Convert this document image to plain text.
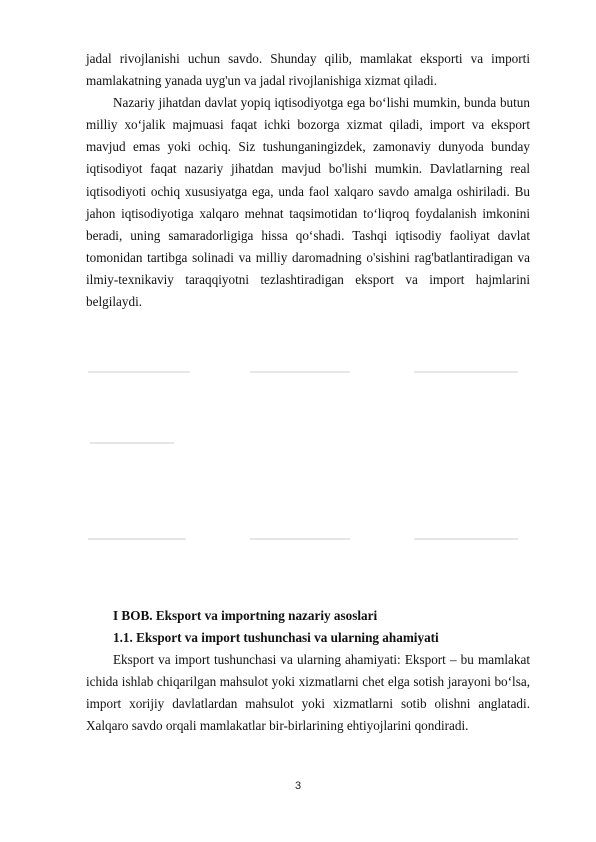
jadal rivojlanishi uchun savdo. Shunday qilib, mamlakat eksporti va importi mamlakatning yanada uyg'un va jadal rivojlanishiga xizmat qiladi.

Nazariy jihatdan davlat yopiq iqtisodiyotga ega bo‘lishi mumkin, bunda butun milliy xo‘jalik majmuasi faqat ichki bozorga xizmat qiladi, import va eksport mavjud emas yoki ochiq. Siz tushunganingizdek, zamonaviy dunyoda bunday iqtisodiyot faqat nazariy jihatdan mavjud bo'lishi mumkin. Davlatlarning real iqtisodiyoti ochiq xususiyatga ega, unda faol xalqaro savdo amalga oshiriladi. Bu jahon iqtisodiyotiga xalqaro mehnat taqsimotidan to‘liqroq foydalanish imkonini beradi, uning samaradorligiga hissa qo‘shadi. Tashqi iqtisodiy faoliyat davlat tomonidan tartibga solinadi va milliy daromadning o'sishini rag'batlantiradigan va ilmiy-texnikaviy taraqqiyotni tezlashtiradigan eksport va import hajmlarini belgilaydi.

I BOB. Eksport va importning nazariy asoslari

1.1. Eksport va import tushunchasi va ularning ahamiyati

Eksport va import tushunchasi va ularning ahamiyati: Eksport – bu mamlakat ichida ishlab chiqarilgan mahsulot yoki xizmatlarni chet elga sotish jarayoni bo‘lsa, import xorijiy davlatlardan mahsulot yoki xizmatlarni sotib olishni anglatadi. Xalqaro savdo orqali mamlakatlar bir-birlarining ehtiyojlarini qondiradi.

3
